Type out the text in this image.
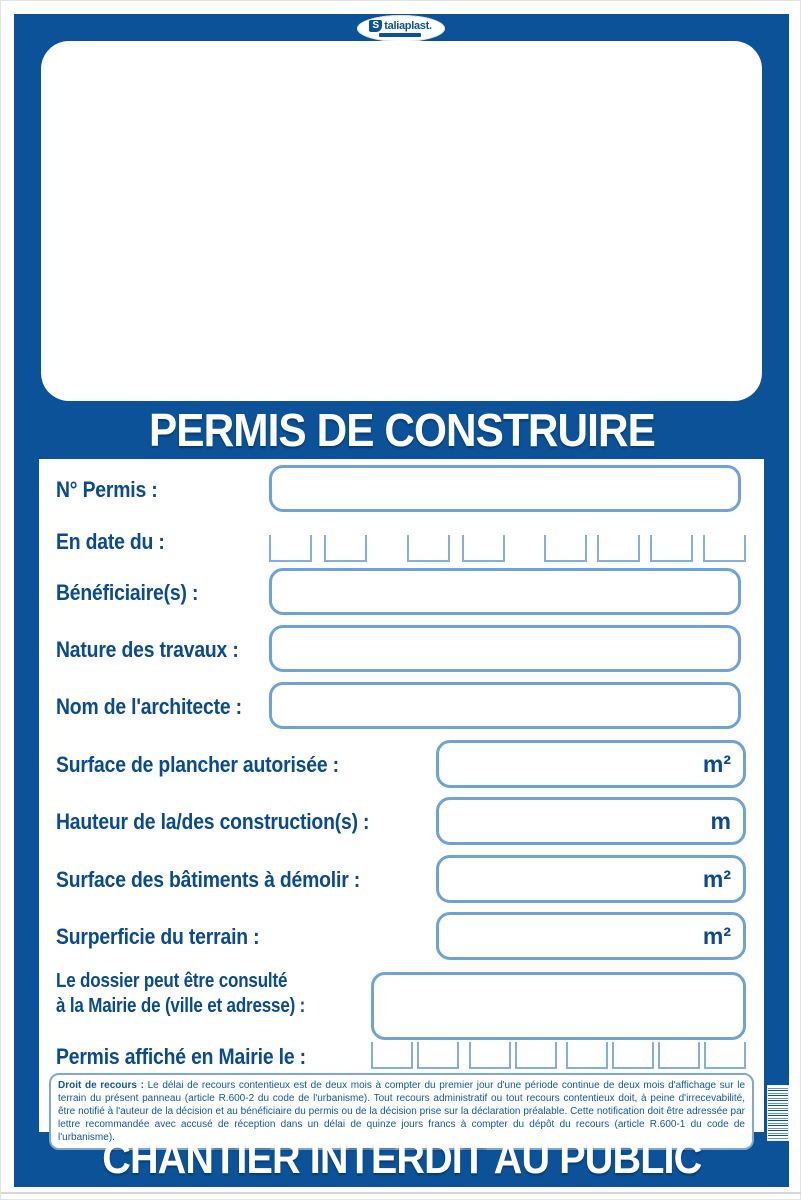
S taliaplast.
PERMIS DE CONSTRUIRE
N° Permis :
En date du :
Bénéficiaire(s) :
Nature des travaux :
Nom de l'architecte :
Surface de plancher autorisée :	m²
Hauteur de la/des construction(s) :	m
Surface des bâtiments à démolir :	m²
Surperficie du terrain :	m²
Le dossier peut être consulté
à la Mairie de (ville et adresse) :
Permis affiché en Mairie le :
Droit de recours : Le délai de recours contentieux est de deux mois à compter du premier jour d'une période continue de deux mois d'affichage sur le terrain du présent panneau (article R.600-2 du code de l'urbanisme). Tout recours administratif ou tout recours contentieux doit, à peine d'irrecevabilité, être notifié à l'auteur de la décision et au bénéficiaire du permis ou de la décision prise sur la déclaration préalable. Cette notification doit être adressée par lettre recommandée avec accusé de réception dans un délai de quinze jours francs à compter du dépôt du recours (article R.600-1 du code de l'urbanisme).
CHANTIER INTERDIT AU PUBLIC
